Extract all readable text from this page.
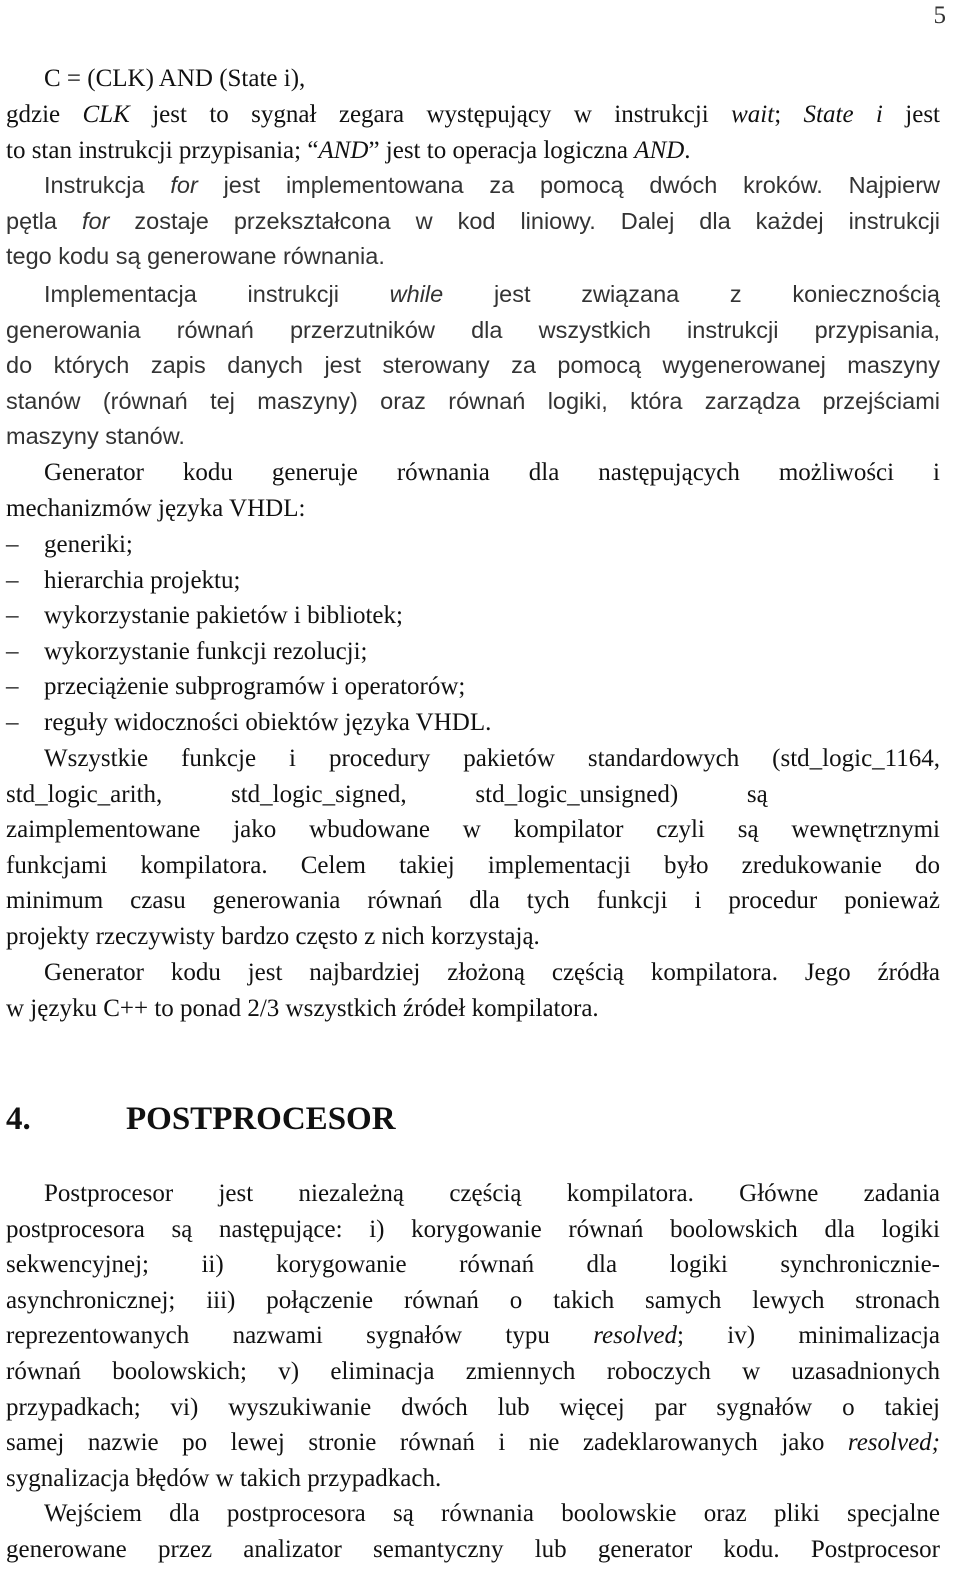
5
C = (CLK) AND (State i),
gdzie CLK jest to sygnał zegara występujący w instrukcji wait; State i jest
to stan instrukcji przypisania; “AND” jest to operacja logiczna AND.
Instrukcja for jest implementowana za pomocą dwóch kroków. Najpierw
pętla for zostaje przekształcona w kod liniowy. Dalej dla każdej instrukcji
tego kodu są generowane równania.
Implementacja instrukcji while jest związana z koniecznością
generowania równań przerzutników dla wszystkich instrukcji przypisania,
do których zapis danych jest sterowany za pomocą wygenerowanej maszyny
stanów (równań tej maszyny) oraz równań logiki, która zarządza przejściami
maszyny stanów.
Generator kodu generuje równania dla następujących możliwości i
mechanizmów języka VHDL:
– generiki;
– hierarchia projektu;
– wykorzystanie pakietów i bibliotek;
– wykorzystanie funkcji rezolucji;
– przeciążenie subprogramów i operatorów;
– reguły widoczności obiektów języka VHDL.
Wszystkie funkcje i procedury pakietów standardowych (std_logic_1164,
std_logic_arith,           std_logic_signed,           std_logic_unsigned)           są
zaimplementowane jako wbudowane w kompilator czyli są wewnętrznymi
funkcjami kompilatora. Celem takiej implementacji było zredukowanie do
minimum czasu generowania równań dla tych funkcji i procedur ponieważ
projekty rzeczywisty bardzo często z nich korzystają.
Generator kodu jest najbardziej złożoną częścią kompilatora. Jego źródła
w języku C++ to ponad 2/3 wszystkich źródeł kompilatora.
4.	POSTPROCESOR
Postprocesor jest niezależną częścią kompilatora. Główne zadania
postprocesora są następujące: i) korygowanie równań boolowskich dla logiki
sekwencyjnej; ii) korygowanie równań dla logiki synchronicznie-
asynchronicznej; iii) połączenie równań o takich samych lewych stronach
reprezentowanych nazwami sygnałów typu resolved; iv) minimalizacja
równań boolowskich; v) eliminacja zmiennych roboczych w uzasadnionych
przypadkach; vi) wyszukiwanie dwóch lub więcej par sygnałów o takiej
samej nazwie po lewej stronie równań i nie zadeklarowanych jako resolved;
sygnalizacja błędów w takich przypadkach.
Wejściem dla postprocesora są równania boolowskie oraz pliki specjalne
generowane przez analizator semantyczny lub generator kodu. Postprocesor
